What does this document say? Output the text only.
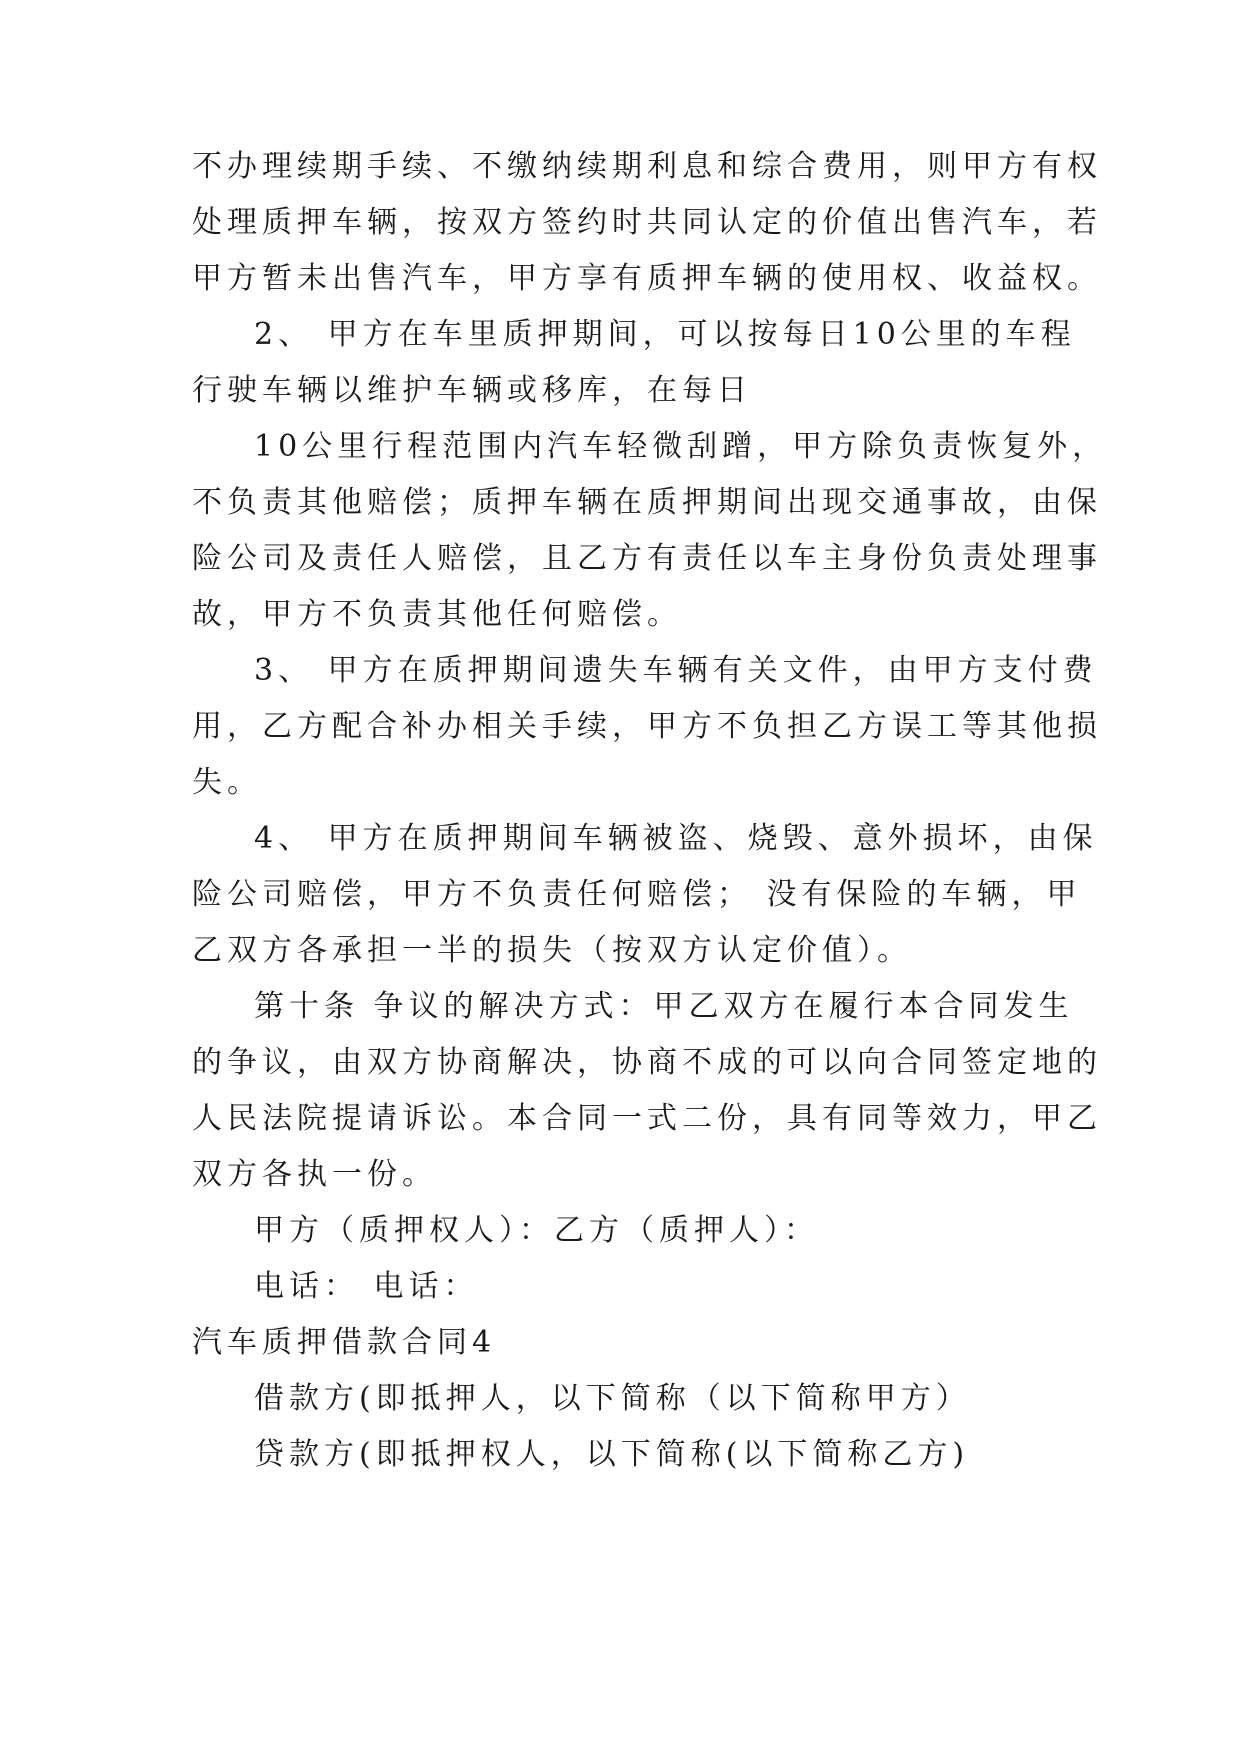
不办理续期手续、不缴纳续期利息和综合费用，则甲方有权
处理质押车辆，按双方签约时共同认定的价值出售汽车，若
甲方暂未出售汽车，甲方享有质押车辆的使用权、收益权。
2、 甲方在车里质押期间，可以按每日10公里的车程
行驶车辆以维护车辆或移库，在每日
10公里行程范围内汽车轻微刮蹭，甲方除负责恢复外，
不负责其他赔偿；质押车辆在质押期间出现交通事故，由保
险公司及责任人赔偿，且乙方有责任以车主身份负责处理事
故，甲方不负责其他任何赔偿。
3、 甲方在质押期间遗失车辆有关文件，由甲方支付费
用，乙方配合补办相关手续，甲方不负担乙方误工等其他损
失。
4、 甲方在质押期间车辆被盗、烧毁、意外损坏，由保
险公司赔偿，甲方不负责任何赔偿； 没有保险的车辆，甲
乙双方各承担一半的损失（按双方认定价值）。
第十条 争议的解决方式：甲乙双方在履行本合同发生
的争议，由双方协商解决，协商不成的可以向合同签定地的
人民法院提请诉讼。本合同一式二份，具有同等效力，甲乙
双方各执一份。
甲方（质押权人）：乙方（质押人）：
电话： 电话：
汽车质押借款合同4
借款方(即抵押人，以下简称（以下简称甲方）
贷款方(即抵押权人，以下简称(以下简称乙方)
